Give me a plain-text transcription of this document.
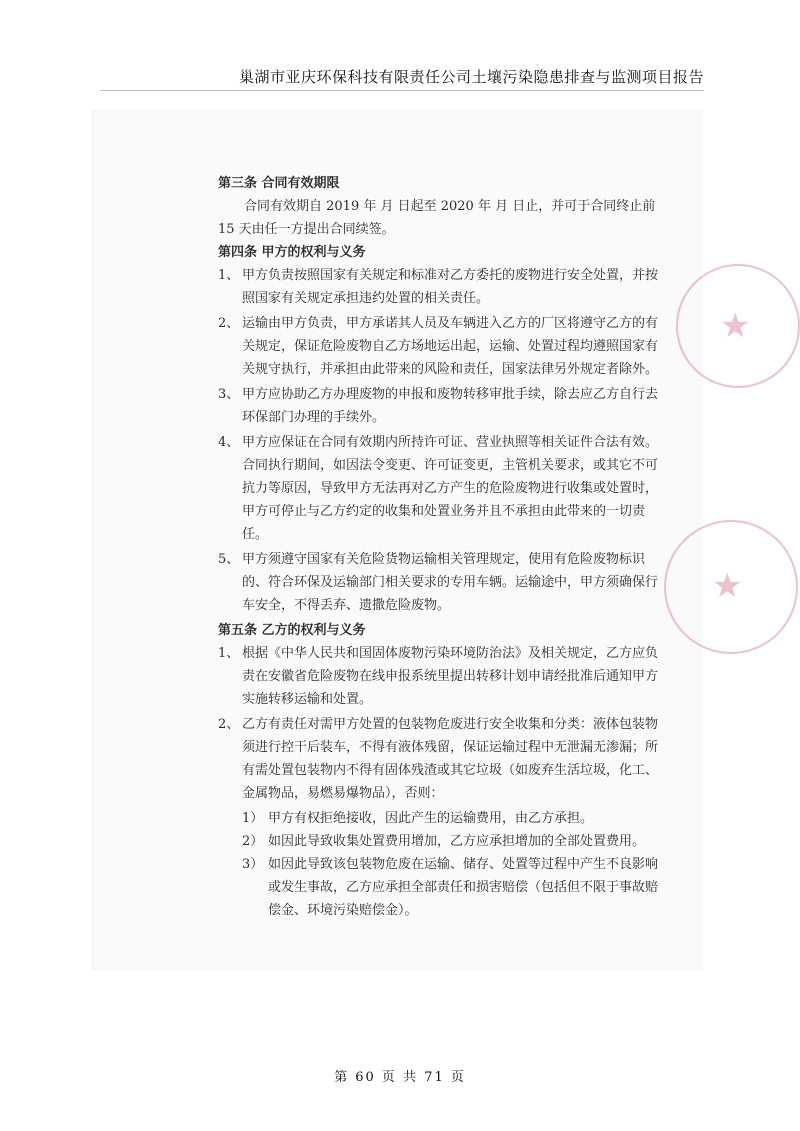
巢湖市亚庆环保科技有限责任公司土壤污染隐患排查与监测项目报告
★
★

第三条 合同有效期限

合同有效期自 2019 年 月 日起至 2020 年 月 日止，并可于合同终止前 15 天由任一方提出合同续签。

第四条 甲方的权利与义务

1、 甲方负责按照国家有关规定和标准对乙方委托的废物进行安全处置，并按照国家有关规定承担违约处置的相关责任。
2、 运输由甲方负责，甲方承诺其人员及车辆进入乙方的厂区将遵守乙方的有关规定，保证危险废物自乙方场地运出起，运输、处置过程均遵照国家有关规守执行，并承担由此带来的风险和责任，国家法律另外规定者除外。
3、 甲方应协助乙方办理废物的申报和废物转移审批手续，除去应乙方自行去环保部门办理的手续外。
4、 甲方应保证在合同有效期内所持许可证、营业执照等相关证件合法有效。合同执行期间，如因法令变更、许可证变更，主管机关要求，或其它不可抗力等原因，导致甲方无法再对乙方产生的危险废物进行收集或处置时，甲方可停止与乙方约定的收集和处置业务并且不承担由此带来的一切责任。
5、 甲方须遵守国家有关危险货物运输相关管理规定，使用有危险废物标识的、符合环保及运输部门相关要求的专用车辆。运输途中，甲方须确保行车安全，不得丢弃、遗撒危险废物。

第五条 乙方的权利与义务

1、 根据《中华人民共和国固体废物污染环境防治法》及相关规定，乙方应负责在安徽省危险废物在线申报系统里提出转移计划申请经批准后通知甲方实施转移运输和处置。
2、 乙方有责任对需甲方处置的包装物危废进行安全收集和分类：液体包装物须进行控干后装车，不得有液体残留，保证运输过程中无泄漏无渗漏；所有需处置包装物内不得有固体残渣或其它垃圾（如废弃生活垃圾，化工、金属物品，易燃易爆物品），否则：
1） 甲方有权拒绝接收，因此产生的运输费用，由乙方承担。
2） 如因此导致收集处置费用增加，乙方应承担增加的全部处置费用。
3） 如因此导致该包装物危废在运输、储存、处置等过程中产生不良影响或发生事故，乙方应承担全部责任和损害赔偿（包括但不限于事故赔偿金、环境污染赔偿金）。
第 60 页 共 71 页
